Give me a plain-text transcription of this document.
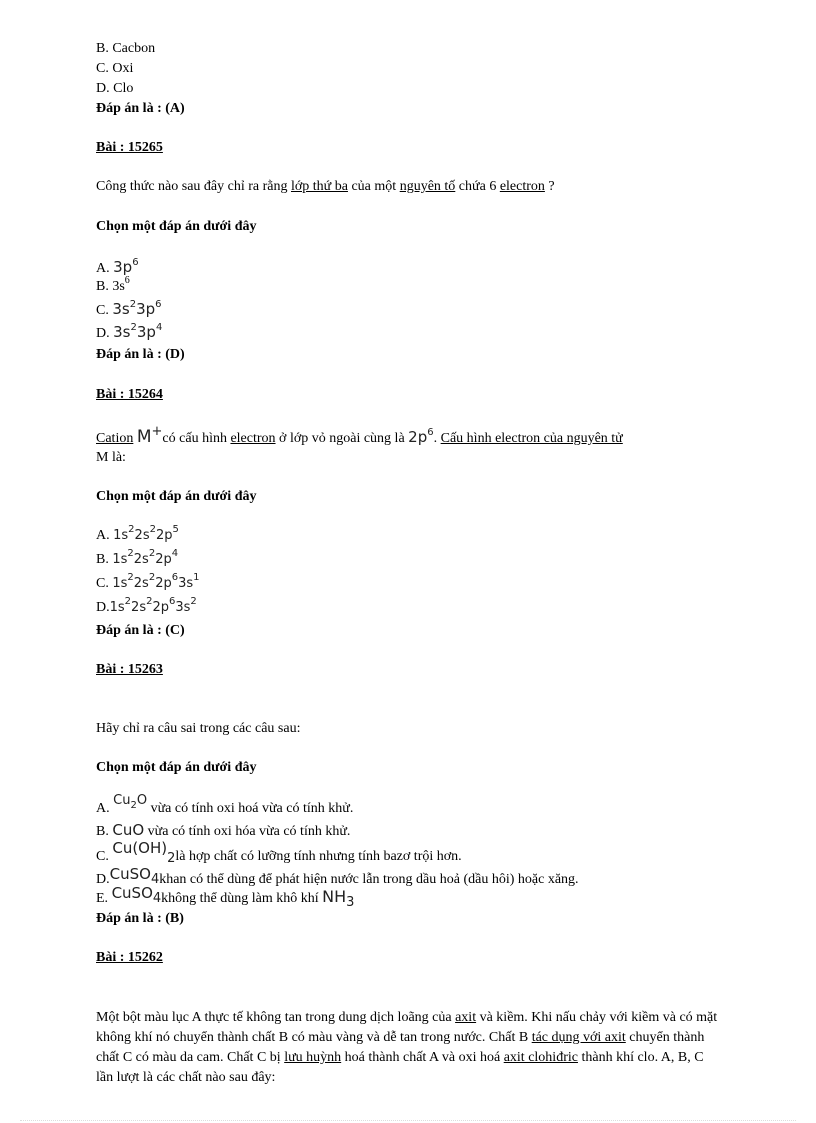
B. Cacbon
C. Oxi
D. Clo
Đáp án là : (A)
Bài : 15265
Công thức nào sau đây chỉ ra rằng lớp thứ ba của một nguyên tố chứa 6 electron ?
Chọn một đáp án dưới đây
A. $3p^6$
B. $3s^6$
C. $3s^23p^6$
D. $3s^23p^4$
Đáp án là : (D)
Bài : 15264
Cation M+có cấu hình electron ở lớp vỏ ngoài cùng là $2p^6$. Cấu hình electron của nguyên tử
M là:
Chọn một đáp án dưới đây
A. $1s^22s^22p^5$
B. $1s^22s^22p^4$
C. $1s^22s^22p^63s^1$
$D.1s^22s^22p^63s^2$
Đáp án là : (C)
Bài : 15263
Hãy chỉ ra câu sai trong các câu sau:
Chọn một đáp án dưới đây
A. $Cu_2O$ vừa có tính oxi hoá vừa có tính khử.
B. CuO vừa có tính oxi hóa vừa có tính khử.
C. $Cu(OH)_2là$ hợp chất có lưỡng tính nhưng tính bazơ trội hơn.
D.CuSO4khan có thể dùng để phát hiện nước lẫn trong dầu hoả (dầu hôi) hoặc xăng.
E. CuSO4không thể dùng làm khô khí $NH_3$
Đáp án là : (B)
Bài : 15262
Một bột màu lục A thực tế không tan trong dung dịch loãng của axit và kiềm. Khi nấu chảy với kiềm và có mặt không khí nó chuyển thành chất B có màu vàng và dễ tan trong nước. Chất B tác dụng với axit chuyển thành chất C có màu da cam. Chất C bị lưu huỳnh hoá thành chất A và oxi hoá axit clohiđric thành khí clo. A, B, C lần lượt là các chất nào sau đây:
